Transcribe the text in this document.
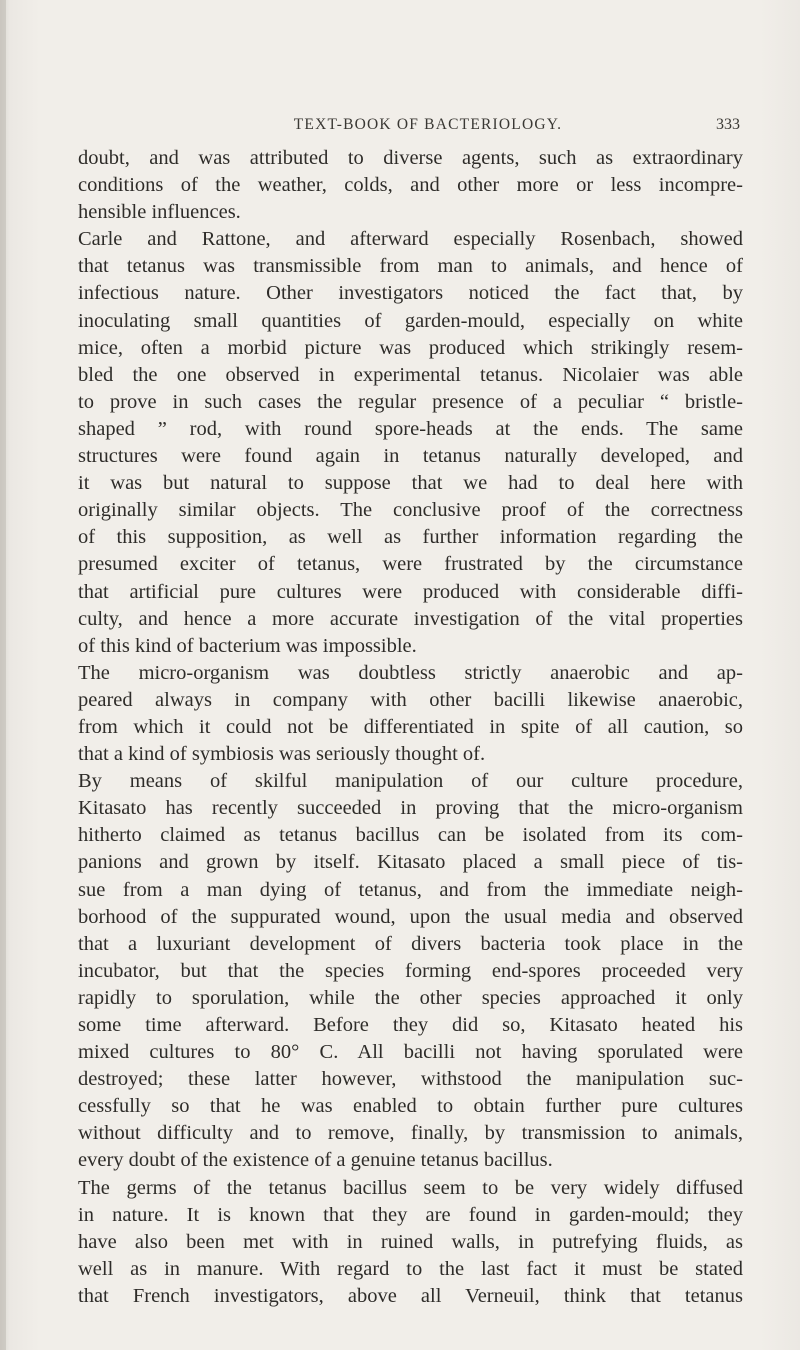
TEXT-BOOK OF BACTERIOLOGY.	333

doubt, and was attributed to diverse agents, such as extraordinary
conditions of the weather, colds, and other more or less incompre-
hensible influences.

Carle and Rattone, and afterward especially Rosenbach, showed
that tetanus was transmissible from man to animals, and hence of
infectious nature. Other investigators noticed the fact that, by
inoculating small quantities of garden-mould, especially on white
mice, often a morbid picture was produced which strikingly resem-
bled the one observed in experimental tetanus. Nicolaier was able
to prove in such cases the regular presence of a peculiar “ bristle-
shaped ” rod, with round spore-heads at the ends. The same
structures were found again in tetanus naturally developed, and
it was but natural to suppose that we had to deal here with
originally similar objects. The conclusive proof of the correctness
of this supposition, as well as further information regarding the
presumed exciter of tetanus, were frustrated by the circumstance
that artificial pure cultures were produced with considerable diffi-
culty, and hence a more accurate investigation of the vital properties
of this kind of bacterium was impossible.

The micro-organism was doubtless strictly anaerobic and ap-
peared always in company with other bacilli likewise anaerobic,
from which it could not be differentiated in spite of all caution, so
that a kind of symbiosis was seriously thought of.

By means of skilful manipulation of our culture procedure,
Kitasato has recently succeeded in proving that the micro-organism
hitherto claimed as tetanus bacillus can be isolated from its com-
panions and grown by itself. Kitasato placed a small piece of tis-
sue from a man dying of tetanus, and from the immediate neigh-
borhood of the suppurated wound, upon the usual media and observed
that a luxuriant development of divers bacteria took place in the
incubator, but that the species forming end-spores proceeded very
rapidly to sporulation, while the other species approached it only
some time afterward. Before they did so, Kitasato heated his
mixed cultures to 80° C. All bacilli not having sporulated were
destroyed; these latter however, withstood the manipulation suc-
cessfully so that he was enabled to obtain further pure cultures
without difficulty and to remove, finally, by transmission to animals,
every doubt of the existence of a genuine tetanus bacillus.

The germs of the tetanus bacillus seem to be very widely diffused
in nature. It is known that they are found in garden-mould; they
have also been met with in ruined walls, in putrefying fluids, as
well as in manure. With regard to the last fact it must be stated
that French investigators, above all Verneuil, think that tetanus
